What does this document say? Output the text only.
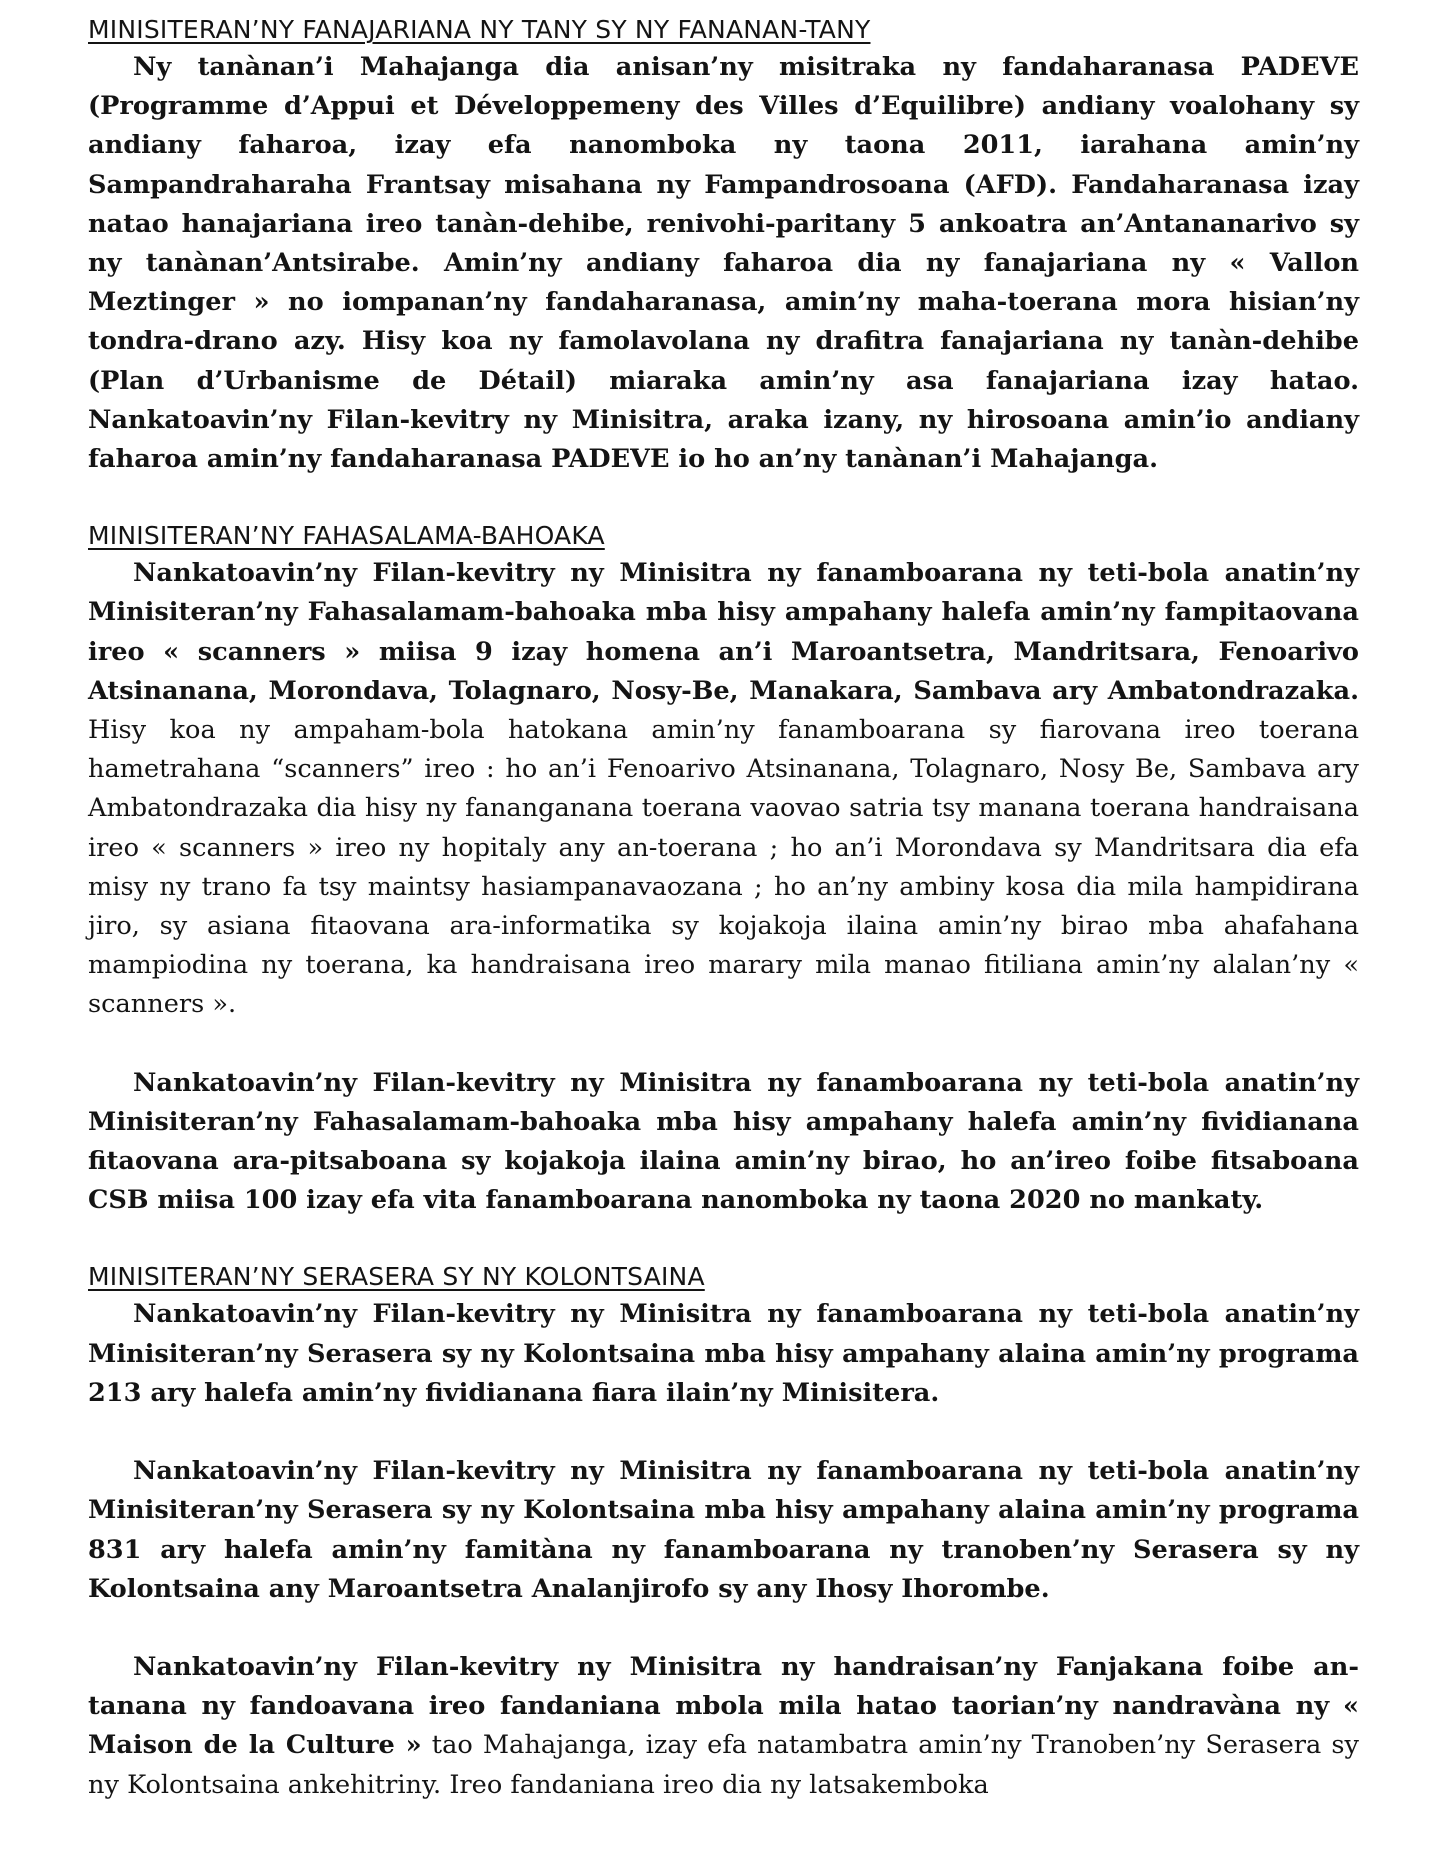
MINISITERAN’NY FANAJARIANA NY TANY SY NY FANANAN-TANY

Ny tanànan’i Mahajanga dia anisan’ny misitraka ny fandaharanasa PADEVE (Programme d’Appui et Développemeny des Villes d’Equilibre) andiany voalohany sy andiany faharoa, izay efa nanomboka ny taona 2011, iarahana amin’ny Sampandraharaha Frantsay misahana ny Fampandrosoana (AFD). Fandaharanasa izay natao hanajariana ireo tanàn-dehibe, renivohi-paritany 5 ankoatra an’Antananarivo sy ny tanànan’Antsirabe. Amin’ny andiany faharoa dia ny fanajariana ny « Vallon Meztinger » no iompanan’ny fandaharanasa, amin’ny maha-toerana mora hisian’ny tondra-drano azy. Hisy koa ny famolavolana ny drafitra fanajariana ny tanàn-dehibe (Plan d’Urbanisme de Détail) miaraka amin’ny asa fanajariana izay hatao. Nankatoavin’ny Filan-kevitry ny Minisitra, araka izany, ny hirosoana amin’io andiany faharoa amin’ny fandaharanasa PADEVE io ho an’ny tanànan’i Mahajanga.

MINISITERAN’NY FAHASALAMA-BAHOAKA

Nankatoavin’ny Filan-kevitry ny Minisitra ny fanamboarana ny teti-bola anatin’ny Minisiteran’ny Fahasalamam-bahoaka mba hisy ampahany halefa amin’ny fampitaovana ireo « scanners » miisa 9 izay homena an’i Maroantsetra, Mandritsara, Fenoarivo Atsinanana, Morondava, Tolagnaro, Nosy-Be, Manakara, Sambava ary Ambatondrazaka. Hisy koa ny ampaham-bola hatokana amin’ny fanamboarana sy fiarovana ireo toerana hametrahana “scanners” ireo : ho an’i Fenoarivo Atsinanana, Tolagnaro, Nosy Be, Sambava ary Ambatondrazaka dia hisy ny fananganana toerana vaovao satria tsy manana toerana handraisana ireo « scanners » ireo ny hopitaly any an-toerana ; ho an’i Morondava sy Mandritsara dia efa misy ny trano fa tsy maintsy hasiampanavaozana ; ho an’ny ambiny kosa dia mila hampidirana jiro, sy asiana fitaovana ara-informatika sy kojakoja ilaina amin’ny birao mba ahafahana mampiodina ny toerana, ka handraisana ireo marary mila manao fitiliana amin’ny alalan’ny « scanners ».

Nankatoavin’ny Filan-kevitry ny Minisitra ny fanamboarana ny teti-bola anatin’ny Minisiteran’ny Fahasalamam-bahoaka mba hisy ampahany halefa amin’ny fividianana fitaovana ara-pitsaboana sy kojakoja ilaina amin’ny birao, ho an’ireo foibe fitsaboana CSB miisa 100 izay efa vita fanamboarana nanomboka ny taona 2020 no mankaty.

MINISITERAN’NY SERASERA SY NY KOLONTSAINA

Nankatoavin’ny Filan-kevitry ny Minisitra ny fanamboarana ny teti-bola anatin’ny Minisiteran’ny Serasera sy ny Kolontsaina mba hisy ampahany alaina amin’ny programa 213 ary halefa amin’ny fividianana fiara ilain’ny Minisitera.

Nankatoavin’ny Filan-kevitry ny Minisitra ny fanamboarana ny teti-bola anatin’ny Minisiteran’ny Serasera sy ny Kolontsaina mba hisy ampahany alaina amin’ny programa 831 ary halefa amin’ny famitàna ny fanamboarana ny tranoben’ny Serasera sy ny Kolontsaina any Maroantsetra Analanjirofo sy any Ihosy Ihorombe.

Nankatoavin’ny Filan-kevitry ny Minisitra ny handraisan’ny Fanjakana foibe an-tanana ny fandoavana ireo fandaniana mbola mila hatao taorian’ny nandravàna ny « Maison de la Culture » tao Mahajanga, izay efa natambatra amin’ny Tranoben’ny Serasera sy ny Kolontsaina ankehitriny. Ireo fandaniana ireo dia ny latsakemboka
